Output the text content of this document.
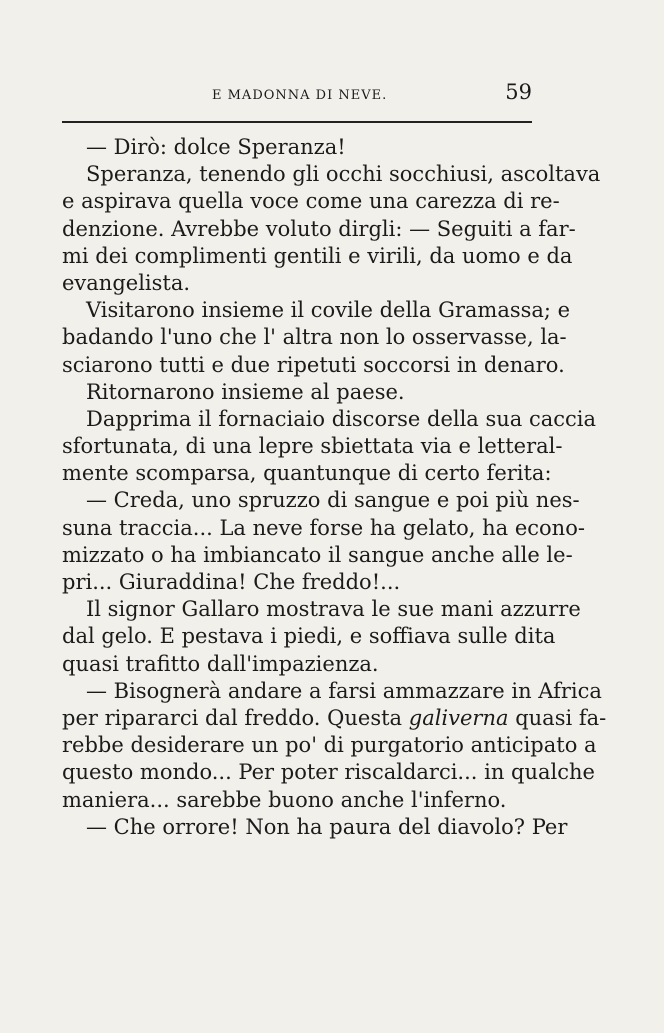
E MADONNA DI NEVE.	59
— Dirò: dolce Speranza!
Speranza, tenendo gli occhi socchiusi, ascoltava
e aspirava quella voce come una carezza di re-
denzione. Avrebbe voluto dirgli: — Seguiti a far-
mi dei complimenti gentili e virili, da uomo e da
evangelista.
Visitarono insieme il covile della Gramassa; e
badando l'uno che l' altra non lo osservasse, la-
sciarono tutti e due ripetuti soccorsi in denaro.
Ritornarono insieme al paese.
Dapprima il fornaciaio discorse della sua caccia
sfortunata, di una lepre sbiettata via e letteral-
mente scomparsa, quantunque di certo ferita:
— Creda, uno spruzzo di sangue e poi più nes-
suna traccia... La neve forse ha gelato, ha econo-
mizzato o ha imbiancato il sangue anche alle le-
pri... Giuraddina! Che freddo!...
Il signor Gallaro mostrava le sue mani azzurre
dal gelo. E pestava i piedi, e soffiava sulle dita
quasi trafitto dall'impazienza.
— Bisognerà andare a farsi ammazzare in Africa
per ripararci dal freddo. Questa galiverna quasi fa-
rebbe desiderare un po' di purgatorio anticipato a
questo mondo... Per poter riscaldarci... in qualche
maniera... sarebbe buono anche l'inferno.
— Che orrore! Non ha paura del diavolo? Per
